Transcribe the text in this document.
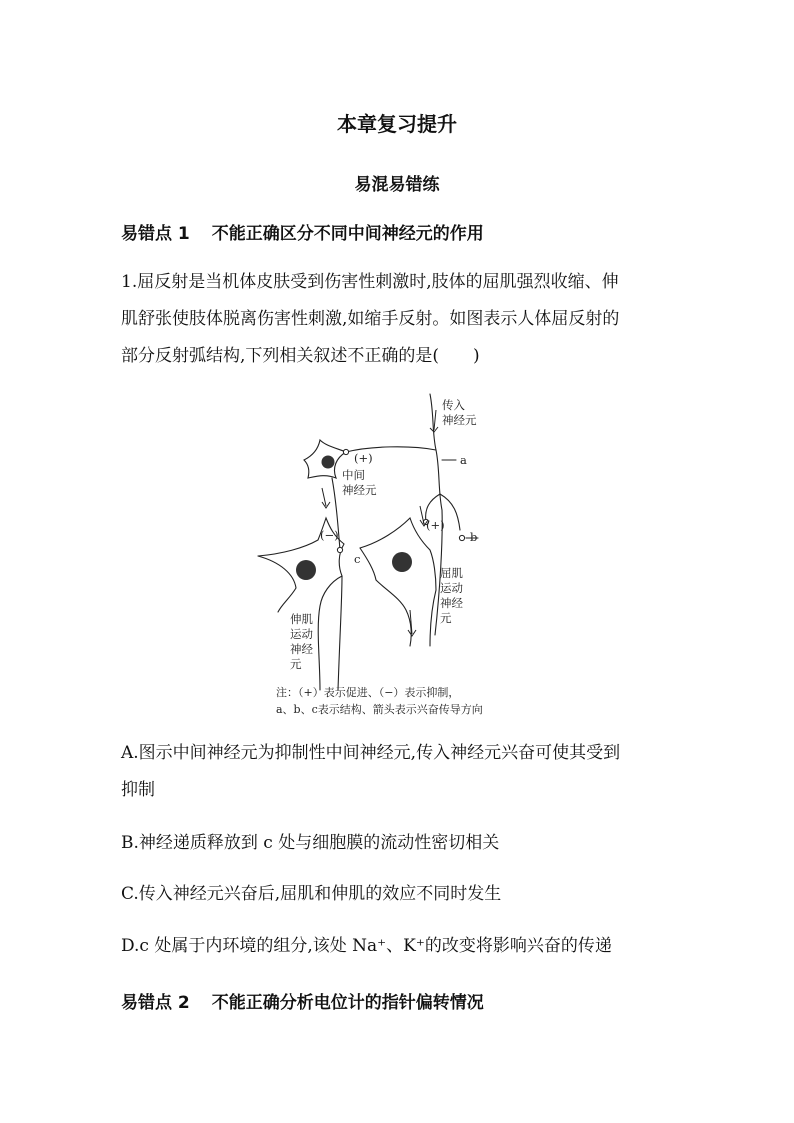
本章复习提升
易混易错练
易错点 1 不能正确区分不同中间神经元的作用
1.屈反射是当机体皮肤受到伤害性刺激时,肢体的屈肌强烈收缩、伸
肌舒张使肢体脱离伤害性刺激,如缩手反射。如图表示人体屈反射的
部分反射弧结构,下列相关叙述不正确的是(　　)
传入
神经元
a
(+)
中间
神经元
(+)
b
(−)
c
屈肌
运动
神经
元
伸肌
运动
神经
元
注：（+）表示促进、（−）表示抑制，
a、b、c表示结构、箭头表示兴奋传导方向
A.图示中间神经元为抑制性中间神经元,传入神经元兴奋可使其受到
抑制
B.神经递质释放到 c 处与细胞膜的流动性密切相关
C.传入神经元兴奋后,屈肌和伸肌的效应不同时发生
D.c 处属于内环境的组分,该处 Na⁺、K⁺的改变将影响兴奋的传递
易错点 2 不能正确分析电位计的指针偏转情况
